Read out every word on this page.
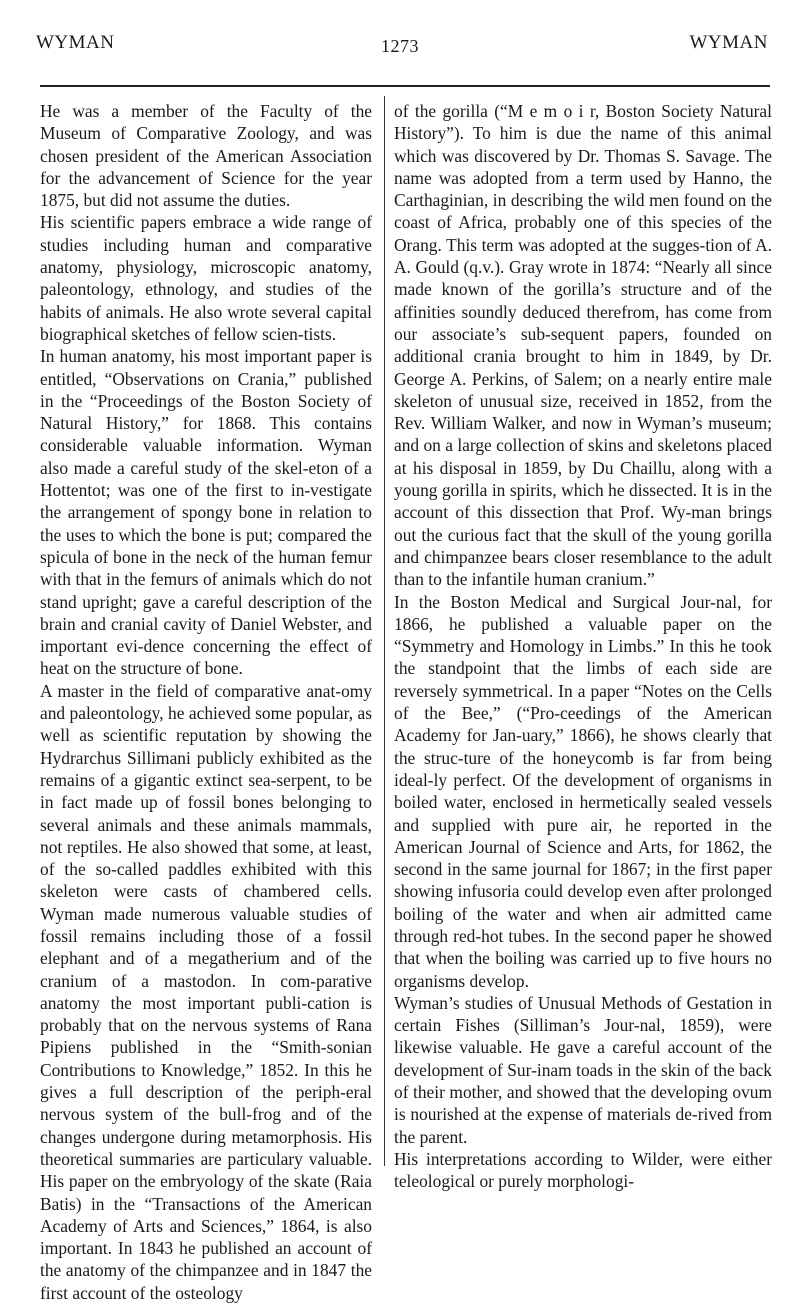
WYMAN	1273	WYMAN

He was a member of the Faculty of the Museum of Comparative Zoology, and was chosen president of the American Association for the advancement of Science for the year 1875, but did not assume the duties.

His scientific papers embrace a wide range of studies including human and comparative anatomy, physiology, microscopic anatomy, paleontology, ethnology, and studies of the habits of animals. He also wrote several capital biographical sketches of fellow scien-tists.

In human anatomy, his most important paper is entitled, “Observations on Crania,” published in the “Proceedings of the Boston Society of Natural History,” for 1868. This contains considerable valuable information. Wyman also made a careful study of the skel-eton of a Hottentot; was one of the first to in-vestigate the arrangement of spongy bone in relation to the uses to which the bone is put; compared the spicula of bone in the neck of the human femur with that in the femurs of animals which do not stand upright; gave a careful description of the brain and cranial cavity of Daniel Webster, and important evi-dence concerning the effect of heat on the structure of bone.

A master in the field of comparative anat-omy and paleontology, he achieved some popular, as well as scientific reputation by showing the Hydrarchus Sillimani publicly exhibited as the remains of a gigantic extinct sea-serpent, to be in fact made up of fossil bones belonging to several animals and these animals mammals, not reptiles. He also showed that some, at least, of the so-called paddles exhibited with this skeleton were casts of chambered cells. Wyman made numerous valuable studies of fossil remains including those of a fossil elephant and of a megatherium and of the cranium of a mastodon. In com-parative anatomy the most important publi-cation is probably that on the nervous systems of Rana Pipiens published in the “Smith-sonian Contributions to Knowledge,” 1852. In this he gives a full description of the periph-eral nervous system of the bull-frog and of the changes undergone during metamorphosis. His theoretical summaries are particulary valuable. His paper on the embryology of the skate (Raia Batis) in the “Transactions of the American Academy of Arts and Sciences,” 1864, is also important. In 1843 he published an account of the anatomy of the chimpanzee and in 1847 the first account of the osteology

of the gorilla (“M e m o i r, Boston Society Natural History”). To him is due the name of this animal which was discovered by Dr. Thomas S. Savage. The name was adopted from a term used by Hanno, the Carthaginian, in describing the wild men found on the coast of Africa, probably one of this species of the Orang. This term was adopted at the sugges-tion of A. A. Gould (q.v.). Gray wrote in 1874: “Nearly all since made known of the gorilla’s structure and of the affinities soundly deduced therefrom, has come from our associate’s sub-sequent papers, founded on additional crania brought to him in 1849, by Dr. George A. Perkins, of Salem; on a nearly entire male skeleton of unusual size, received in 1852, from the Rev. William Walker, and now in Wyman’s museum; and on a large collection of skins and skeletons placed at his disposal in 1859, by Du Chaillu, along with a young gorilla in spirits, which he dissected. It is in the account of this dissection that Prof. Wy-man brings out the curious fact that the skull of the young gorilla and chimpanzee bears closer resemblance to the adult than to the infantile human cranium.”

In the Boston Medical and Surgical Jour-nal, for 1866, he published a valuable paper on the “Symmetry and Homology in Limbs.” In this he took the standpoint that the limbs of each side are reversely symmetrical. In a paper “Notes on the Cells of the Bee,” (“Pro-ceedings of the American Academy for Jan-uary,” 1866), he shows clearly that the struc-ture of the honeycomb is far from being ideal-ly perfect. Of the development of organisms in boiled water, enclosed in hermetically sealed vessels and supplied with pure air, he reported in the American Journal of Science and Arts, for 1862, the second in the same journal for 1867; in the first paper showing infusoria could develop even after prolonged boiling of the water and when air admitted came through red-hot tubes. In the second paper he showed that when the boiling was carried up to five hours no organisms develop.

Wyman’s studies of Unusual Methods of Gestation in certain Fishes (Silliman’s Jour-nal, 1859), were likewise valuable. He gave a careful account of the development of Sur-inam toads in the skin of the back of their mother, and showed that the developing ovum is nourished at the expense of materials de-rived from the parent.

His interpretations according to Wilder, were either teleological or purely morphologi-
